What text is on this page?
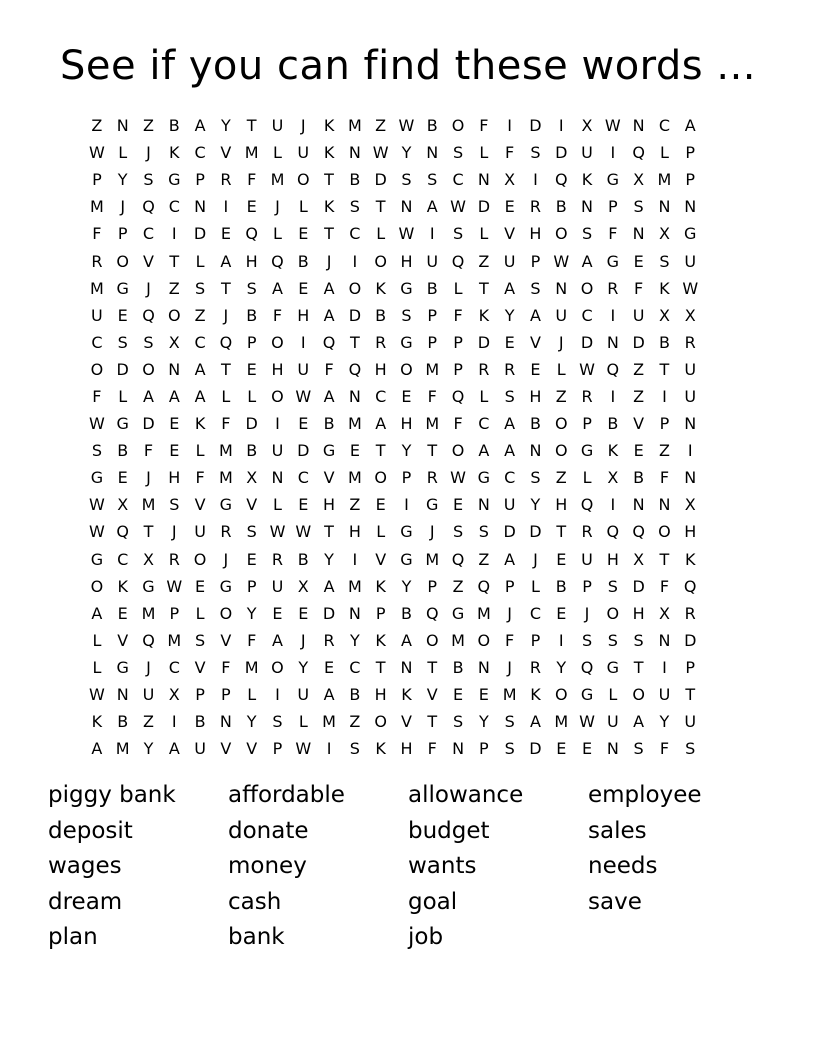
See if you can find these words ...
Z N Z B A Y	T U	J	K M Z W B O F	I	D	I	X W N C A
W L	J	K C V M L U K N W Y N S	L	F	S D U	I	Q L	P
P	Y S G P R F M O T B D S S C N X	I	Q K G X M P
M	J	Q C N	I	E	J	L	K S T N A W D E R B N P S N N
F	P C	I	D E Q L	E T C L W I	S	L V H O S	F N X G
R O V T	L A H Q B	J	I	O H U Q Z U P W A G E S U
M G	J	Z S T S A E A O K G B L	T A S N O R F K W
U E Q O Z	J	B F H A D B S P	F K Y A U C	I	U X X
C S S X C Q P O	I	Q T R G P	P D E V	J	D N D B R
O D O N A T E H U F Q H O M P R R E	L W Q Z T U
F	L A A A L	L O W A N C E	F Q L	S H Z R	I	Z	I	U
W G D E K F D	I	E B M A H M F C A B O P B V P N
S B F	E	L M B U D G E T	Y	T O A A N O G K E Z	I
G E	J	H F M X N C V M O P R W G C S Z L X B F N
W X M S V G V L	E H Z E	I	G E N U Y H Q	I	N N X
W Q T	J	U R S W W T H L G	J	S S D D T R Q Q O H
G C X R O	J	E R B Y	I	V G M Q Z A	J	E U H X T K
O K G W E G P U X A M K Y	P Z Q P	L B P S D F Q
A E M P	L O Y E E D N P B Q G M	J	C E	J	O H X R
L V Q M S V F A	J	R Y K A O M O F	P	I	S S S N D
L G	J	C V F M O Y E C T N T B N	J	R Y Q G T	I	P
W N U X P	P	L	I	U A B H K V E E M K O G L O U T
K B Z	I	B N Y S	L M Z O V T S Y S A M W U A Y U
A M Y A U V V P W I	S K H F N P S D E E N S	F	S
piggy bank	affordable	allowance	employee
deposit	donate	budget	sales
wages	money	wants	needs
dream	cash	goal	save
plan	bank	job
